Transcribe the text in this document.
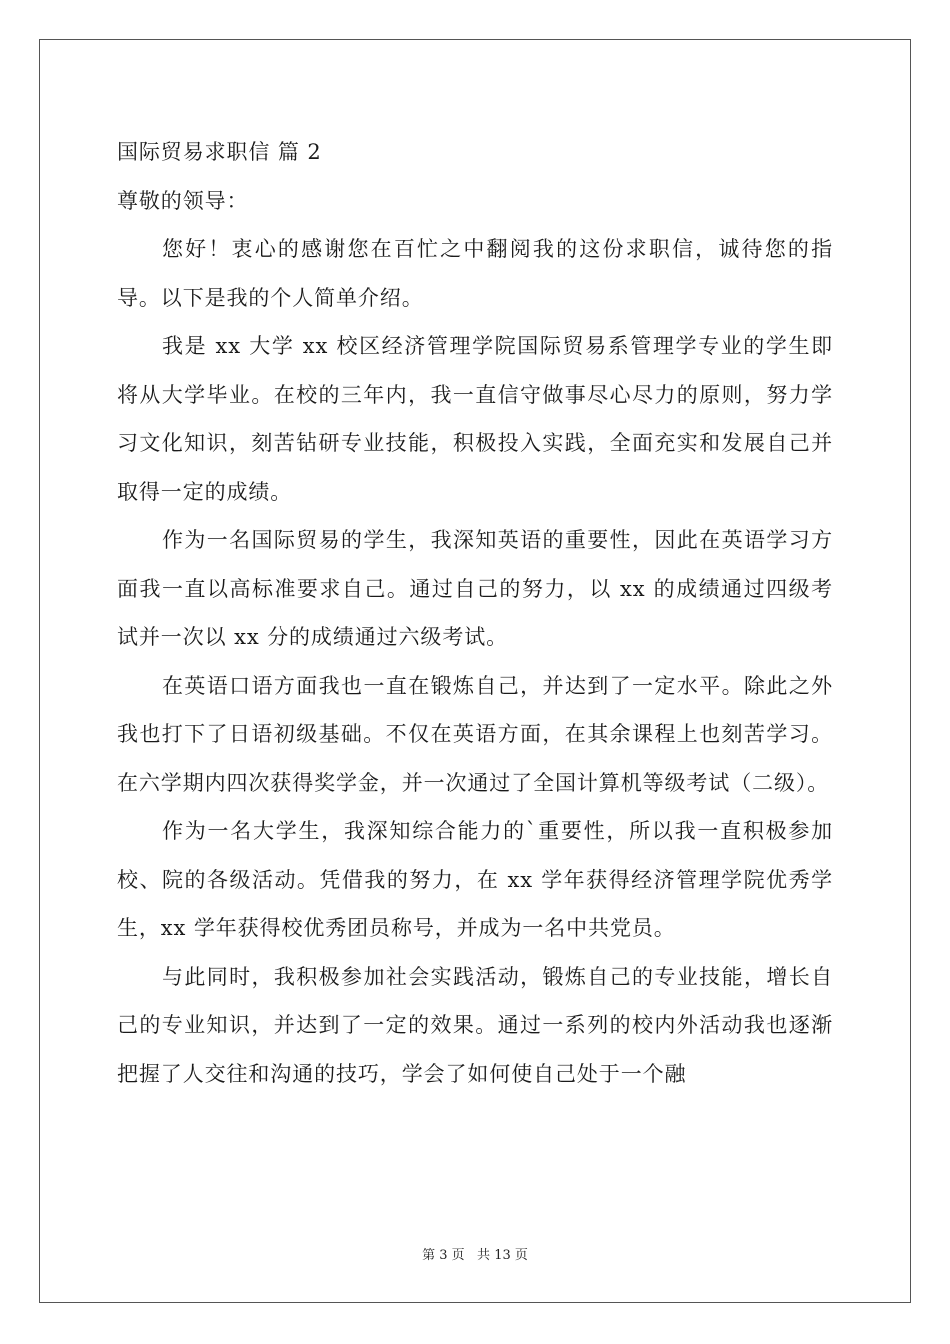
国际贸易求职信 篇 2

尊敬的领导：

您好！衷心的感谢您在百忙之中翻阅我的这份求职信，诚待您的指导。以下是我的个人简单介绍。

我是 xx 大学 xx 校区经济管理学院国际贸易系管理学专业的学生即将从大学毕业。在校的三年内，我一直信守做事尽心尽力的原则，努力学习文化知识，刻苦钻研专业技能，积极投入实践，全面充实和发展自己并取得一定的成绩。

作为一名国际贸易的学生，我深知英语的重要性，因此在英语学习方面我一直以高标准要求自己。通过自己的努力，以 xx 的成绩通过四级考试并一次以 xx 分的成绩通过六级考试。

在英语口语方面我也一直在锻炼自己，并达到了一定水平。除此之外我也打下了日语初级基础。不仅在英语方面，在其余课程上也刻苦学习。在六学期内四次获得奖学金，并一次通过了全国计算机等级考试（二级）。

作为一名大学生，我深知综合能力的`重要性，所以我一直积极参加校、院的各级活动。凭借我的努力，在 xx 学年获得经济管理学院优秀学生，xx 学年获得校优秀团员称号，并成为一名中共党员。

与此同时，我积极参加社会实践活动，锻炼自己的专业技能，增长自己的专业知识，并达到了一定的效果。通过一系列的校内外活动我也逐渐把握了人交往和沟通的技巧，学会了如何使自己处于一个融

第 3 页   共 13 页
